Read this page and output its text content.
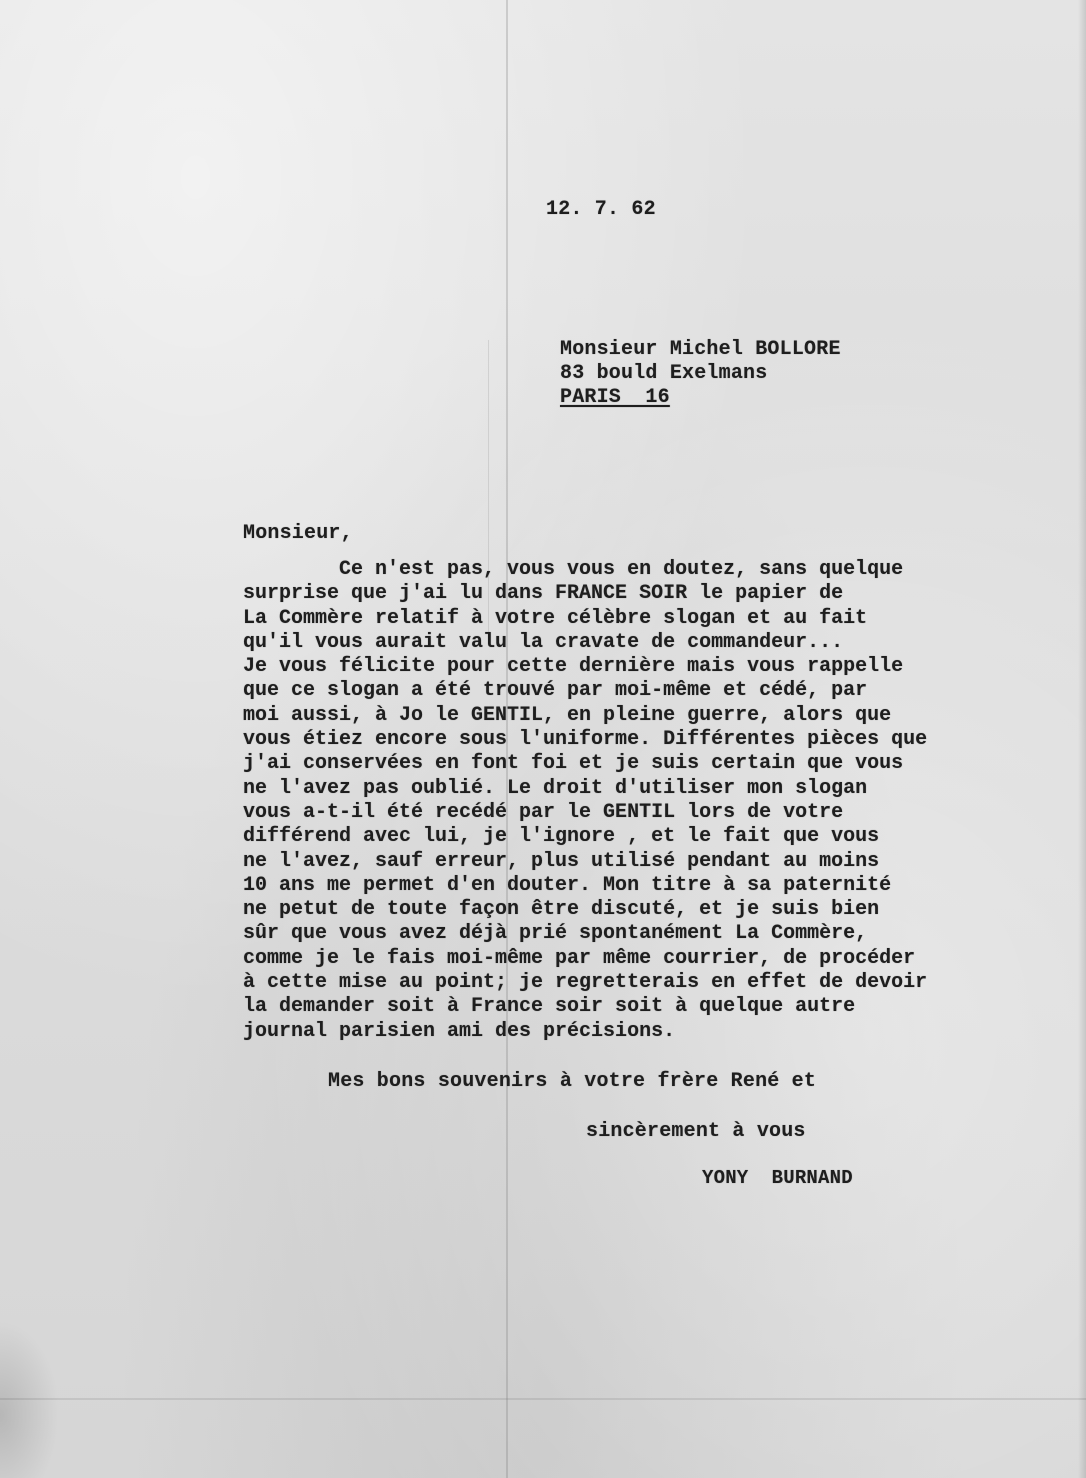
12. 7. 62
Monsieur Michel BOLLORE
83 bould Exelmans
PARIS  16
Monsieur,
Ce n'est pas, vous vous en doutez, sans quelque
surprise que j'ai lu dans FRANCE SOIR le papier de
La Commère relatif à votre célèbre slogan et au fait
qu'il vous aurait valu la cravate de commandeur...
Je vous félicite pour cette dernière mais vous rappelle
que ce slogan a été trouvé par moi-même et cédé, par
moi aussi, à Jo le GENTIL, en pleine guerre, alors que
vous étiez encore sous l'uniforme. Différentes pièces que
j'ai conservées en font foi et je suis certain que vous
ne l'avez pas oublié. Le droit d'utiliser mon slogan
vous a-t-il été recédé par le GENTIL lors de votre
différend avec lui, je l'ignore , et le fait que vous
ne l'avez, sauf erreur, plus utilisé pendant au moins
10 ans me permet d'en douter. Mon titre à sa paternité
ne petut de toute façon être discuté, et je suis bien
sûr que vous avez déjà prié spontanément La Commère,
comme je le fais moi-même par même courrier, de procéder
à cette mise au point; je regretterais en effet de devoir
la demander soit à France soir soit à quelque autre
journal parisien ami des précisions.
Mes bons souvenirs à votre frère René et
sincèrement à vous
YONY  BURNAND
